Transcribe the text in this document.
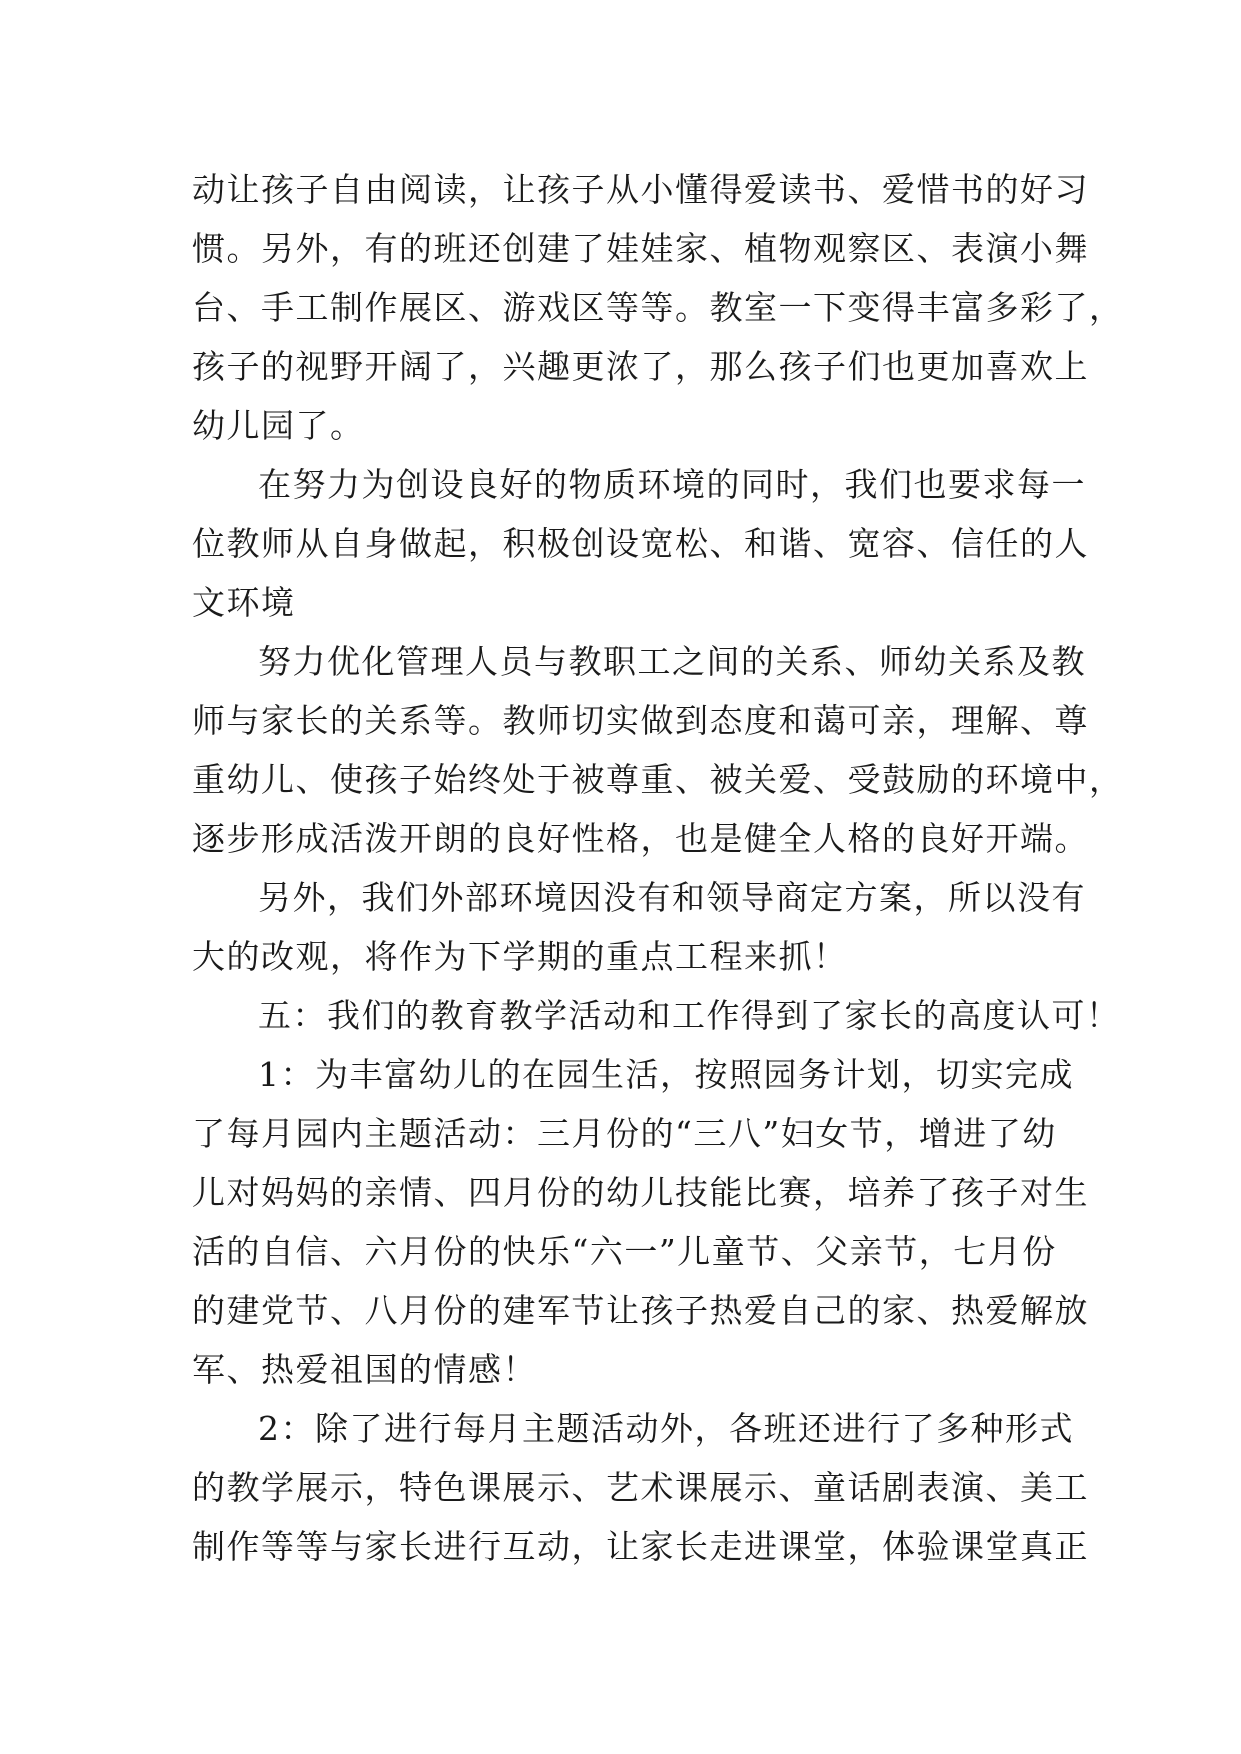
动让孩子自由阅读，让孩子从小懂得爱读书、爱惜书的好习
惯。另外，有的班还创建了娃娃家、植物观察区、表演小舞
台、手工制作展区、游戏区等等。教室一下变得丰富多彩了，
孩子的视野开阔了，兴趣更浓了，那么孩子们也更加喜欢上
幼儿园了。
在努力为创设良好的物质环境的同时，我们也要求每一
位教师从自身做起，积极创设宽松、和谐、宽容、信任的人
文环境
努力优化管理人员与教职工之间的关系、师幼关系及教
师与家长的关系等。教师切实做到态度和蔼可亲，理解、尊
重幼儿、使孩子始终处于被尊重、被关爱、受鼓励的环境中，
逐步形成活泼开朗的良好性格，也是健全人格的良好开端。
另外，我们外部环境因没有和领导商定方案，所以没有
大的改观，将作为下学期的重点工程来抓！
五：我们的教育教学活动和工作得到了家长的高度认可！
1：为丰富幼儿的在园生活，按照园务计划，切实完成
了每月园内主题活动：三月份的“三八”妇女节，增进了幼
儿对妈妈的亲情、四月份的幼儿技能比赛，培养了孩子对生
活的自信、六月份的快乐“六一”儿童节、父亲节，七月份
的建党节、八月份的建军节让孩子热爱自己的家、热爱解放
军、热爱祖国的情感！
2：除了进行每月主题活动外，各班还进行了多种形式
的教学展示，特色课展示、艺术课展示、童话剧表演、美工
制作等等与家长进行互动，让家长走进课堂，体验课堂真正
